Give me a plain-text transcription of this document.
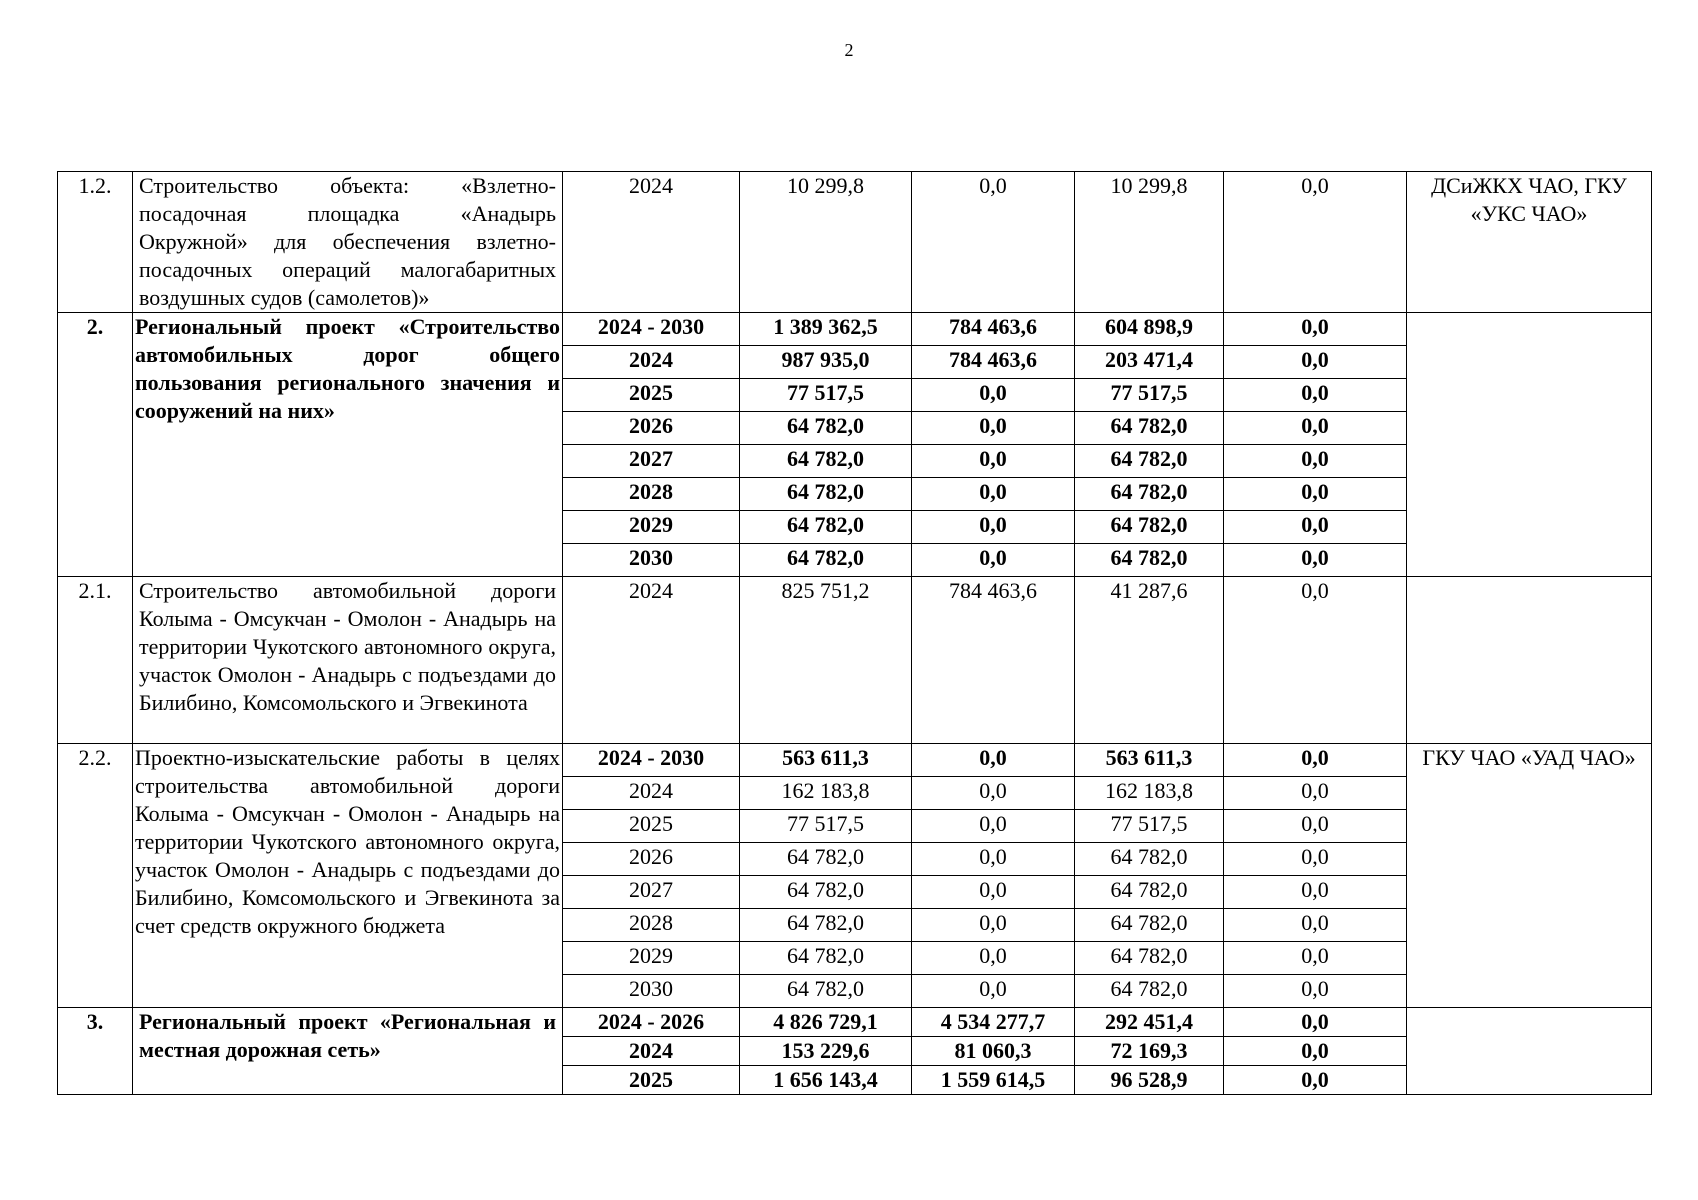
2
1.2.	Строительство объекта: «Взлетно-посадочная площадка «Анадырь Окружной» для обеспечения взлетно-посадочных операций малогабаритных воздушных судов (самолетов)»	2024	10 299,8	0,0	10 299,8	0,0	ДСиЖКХ ЧАО, ГКУ «УКС ЧАО»
2.	Региональный проект «Строительство автомобильных дорог общего пользования регионального значения и сооружений на них»	2024 - 2030	1 389 362,5	784 463,6	604 898,9	0,0	
		2024	987 935,0	784 463,6	203 471,4	0,0	
		2025	77 517,5	0,0	77 517,5	0,0	
		2026	64 782,0	0,0	64 782,0	0,0	
		2027	64 782,0	0,0	64 782,0	0,0	
		2028	64 782,0	0,0	64 782,0	0,0	
		2029	64 782,0	0,0	64 782,0	0,0	
		2030	64 782,0	0,0	64 782,0	0,0	
2.1.	Строительство автомобильной дороги Колыма - Омсукчан - Омолон - Анадырь на территории Чукотского автономного округа, участок Омолон - Анадырь с подъездами до Билибино, Комсомольского и Эгвекинота	2024	825 751,2	784 463,6	41 287,6	0,0	
2.2.	Проектно-изыскательские работы в целях строительства автомобильной дороги Колыма - Омсукчан - Омолон - Анадырь на территории Чукотского автономного округа, участок Омолон - Анадырь с подъездами до Билибино, Комсомольского и Эгвекинота за счет средств окружного бюджета	2024 - 2030	563 611,3	0,0	563 611,3	0,0	ГКУ ЧАО «УАД ЧАО»
		2024	162 183,8	0,0	162 183,8	0,0	
		2025	77 517,5	0,0	77 517,5	0,0	
		2026	64 782,0	0,0	64 782,0	0,0	
		2027	64 782,0	0,0	64 782,0	0,0	
		2028	64 782,0	0,0	64 782,0	0,0	
		2029	64 782,0	0,0	64 782,0	0,0	
		2030	64 782,0	0,0	64 782,0	0,0	
3.	Региональный проект «Региональная и местная дорожная сеть»	2024 - 2026	4 826 729,1	4 534 277,7	292 451,4	0,0	
		2024	153 229,6	81 060,3	72 169,3	0,0	
		2025	1 656 143,4	1 559 614,5	96 528,9	0,0	
